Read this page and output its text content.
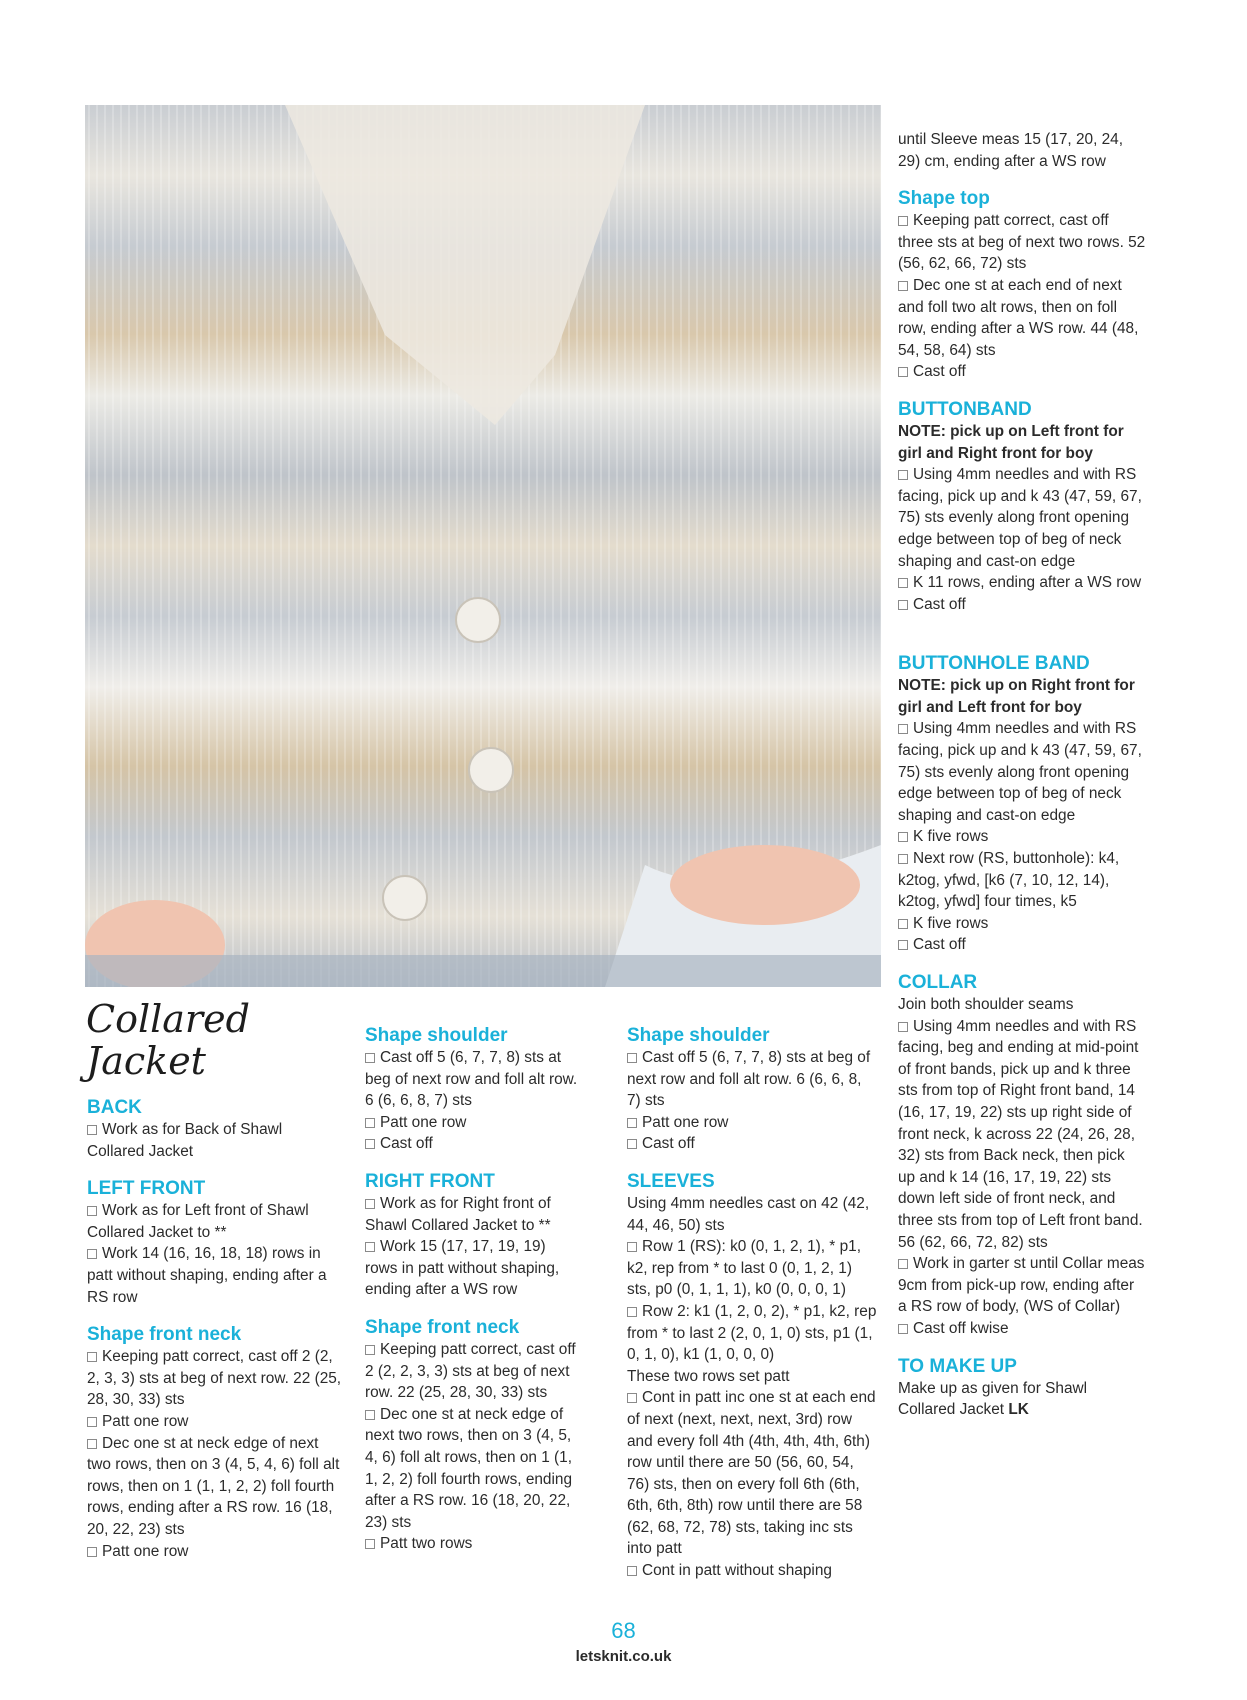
Collared
Jacket

BACK

Work as for Back of Shawl Collared Jacket

LEFT FRONT

Work as for Left front of Shawl Collared Jacket to **

Work 14 (16, 16, 18, 18) rows in patt without shaping, ending after a RS row

Shape front neck

Keeping patt correct, cast off 2 (2, 2, 3, 3) sts at beg of next row. 22 (25, 28, 30, 33) sts

Patt one row

Dec one st at neck edge of next two rows, then on 3 (4, 5, 4, 6) foll alt rows, then on 1 (1, 1, 2, 2) foll fourth rows, ending after a RS row. 16 (18, 20, 22, 23) sts

Patt one row

Shape shoulder

Cast off 5 (6, 7, 7, 8) sts at beg of next row and foll alt row. 6 (6, 6, 8, 7) sts

Patt one row

Cast off

RIGHT FRONT

Work as for Right front of Shawl Collared Jacket to **

Work 15 (17, 17, 19, 19) rows in patt without shaping, ending after a WS row

Shape front neck

Keeping patt correct, cast off 2 (2, 2, 3, 3) sts at beg of next row. 22 (25, 28, 30, 33) sts

Dec one st at neck edge of next two rows, then on 3 (4, 5, 4, 6) foll alt rows, then on 1 (1, 1, 2, 2) foll fourth rows, ending after a RS row. 16 (18, 20, 22, 23) sts

Patt two rows

Shape shoulder

Cast off 5 (6, 7, 7, 8) sts at beg of next row and foll alt row. 6 (6, 6, 8, 7) sts

Patt one row

Cast off

SLEEVES

Using 4mm needles cast on 42 (42, 44, 46, 50) sts

Row 1 (RS): k0 (0, 1, 2, 1), * p1, k2, rep from * to last 0 (0, 1, 2, 1) sts, p0 (0, 1, 1, 1), k0 (0, 0, 0, 1)

Row 2: k1 (1, 2, 0, 2), * p1, k2, rep from * to last 2 (2, 0, 1, 0) sts, p1 (1, 0, 1, 0), k1 (1, 0, 0, 0)

These two rows set patt

Cont in patt inc one st at each end of next (next, next, next, 3rd) row and every foll 4th (4th, 4th, 4th, 6th) row until there are 50 (56, 60, 54, 76) sts, then on every foll 6th (6th, 6th, 6th, 8th) row until there are 58 (62, 68, 72, 78) sts, taking inc sts into patt

Cont in patt without shaping

until Sleeve meas 15 (17, 20, 24, 29) cm, ending after a WS row

Shape top

Keeping patt correct, cast off three sts at beg of next two rows. 52 (56, 62, 66, 72) sts

Dec one st at each end of next and foll two alt rows, then on foll row, ending after a WS row. 44 (48, 54, 58, 64) sts

Cast off

BUTTONBAND

NOTE: pick up on Left front for girl and Right front for boy

Using 4mm needles and with RS facing, pick up and k 43 (47, 59, 67, 75) sts evenly along front opening edge between top of beg of neck shaping and cast-on edge

K 11 rows, ending after a WS row

Cast off

BUTTONHOLE BAND

NOTE: pick up on Right front for girl and Left front for boy

Using 4mm needles and with RS facing, pick up and k 43 (47, 59, 67, 75) sts evenly along front opening edge between top of beg of neck shaping and cast-on edge

K five rows

Next row (RS, buttonhole): k4, k2tog, yfwd, [k6 (7, 10, 12, 14), k2tog, yfwd] four times, k5

K five rows

Cast off

COLLAR

Join both shoulder seams

Using 4mm needles and with RS facing, beg and ending at mid-point of front bands, pick up and k three sts from top of Right front band, 14 (16, 17, 19, 22) sts up right side of front neck, k across 22 (24, 26, 28, 32) sts from Back neck, then pick up and k 14 (16, 17, 19, 22) sts down left side of front neck, and three sts from top of Left front band. 56 (62, 66, 72, 82) sts

Work in garter st until Collar meas 9cm from pick-up row, ending after a RS row of body, (WS of Collar)

Cast off kwise

TO MAKE UP

Make up as given for Shawl Collared Jacket LK

68
letsknit.co.uk
